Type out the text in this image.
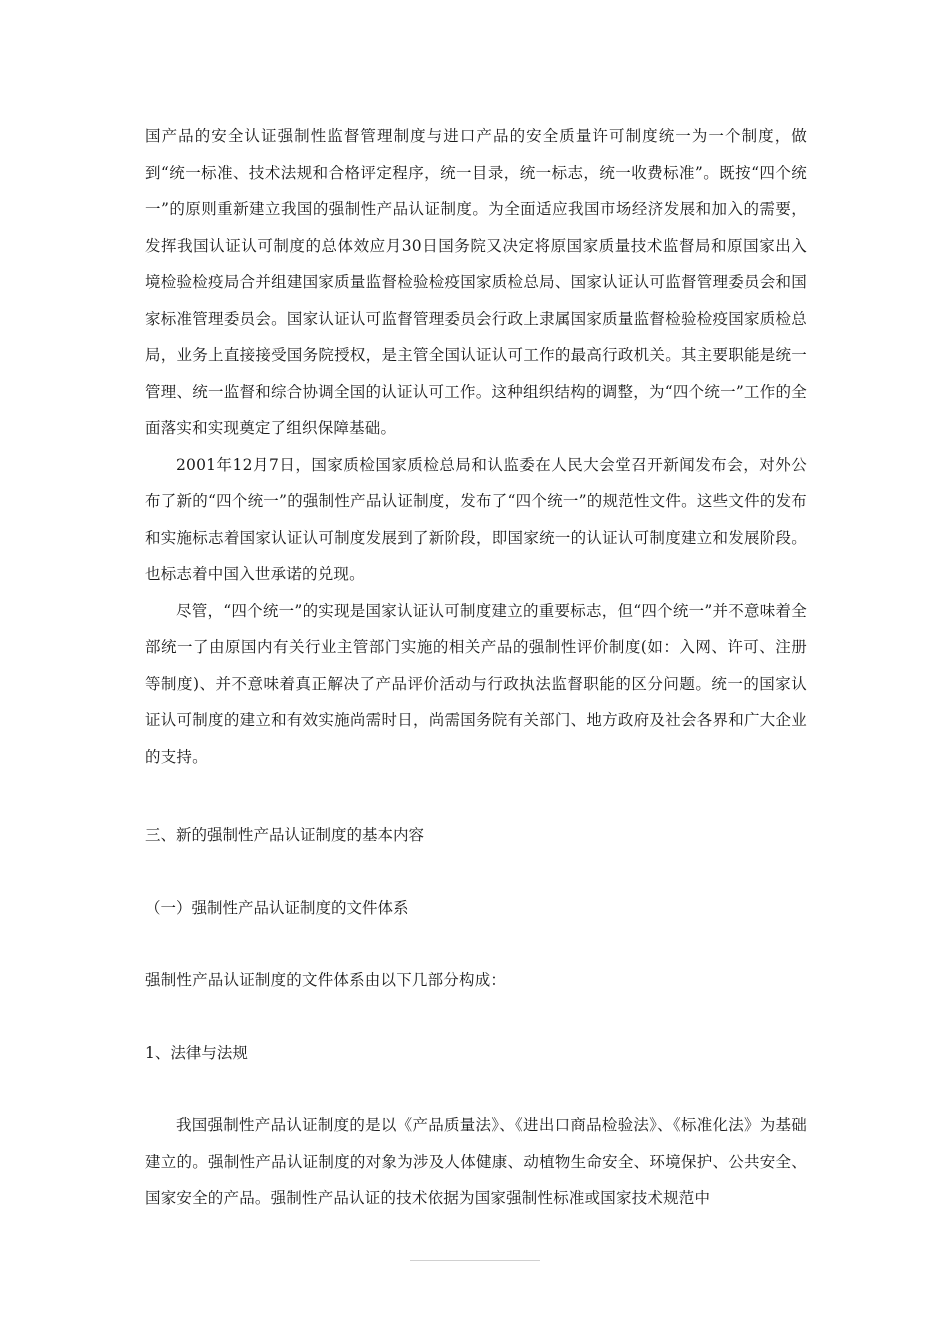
国产品的安全认证强制性监督管理制度与进口产品的安全质量许可制度统一为一个制度，做到“统一标准、技术法规和合格评定程序，统一目录，统一标志，统一收费标准”。既按“四个统一”的原则重新建立我国的强制性产品认证制度。为全面适应我国市场经济发展和加入的需要，发挥我国认证认可制度的总体效应月30日国务院又决定将原国家质量技术监督局和原国家出入境检验检疫局合并组建国家质量监督检验检疫国家质检总局、国家认证认可监督管理委员会和国家标准管理委员会。国家认证认可监督管理委员会行政上隶属国家质量监督检验检疫国家质检总局，业务上直接接受国务院授权，是主管全国认证认可工作的最高行政机关。其主要职能是统一管理、统一监督和综合协调全国的认证认可工作。这种组织结构的调整，为“四个统一”工作的全面落实和实现奠定了组织保障基础。

2001年12月7日，国家质检国家质检总局和认监委在人民大会堂召开新闻发布会，对外公布了新的“四个统一”的强制性产品认证制度，发布了“四个统一”的规范性文件。这些文件的发布和实施标志着国家认证认可制度发展到了新阶段，即国家统一的认证认可制度建立和发展阶段。也标志着中国入世承诺的兑现。

尽管，“四个统一”的实现是国家认证认可制度建立的重要标志，但“四个统一”并不意味着全部统一了由原国内有关行业主管部门实施的相关产品的强制性评价制度(如：入网、许可、注册等制度)、并不意味着真正解决了产品评价活动与行政执法监督职能的区分问题。统一的国家认证认可制度的建立和有效实施尚需时日，尚需国务院有关部门、地方政府及社会各界和广大企业的支持。

三、新的强制性产品认证制度的基本内容

（一）强制性产品认证制度的文件体系

强制性产品认证制度的文件体系由以下几部分构成：

1、法律与法规

我国强制性产品认证制度的是以《产品质量法》、《进出口商品检验法》、《标准化法》为基础建立的。强制性产品认证制度的对象为涉及人体健康、动植物生命安全、环境保护、公共安全、国家安全的产品。强制性产品认证的技术依据为国家强制性标准或国家技术规范中
